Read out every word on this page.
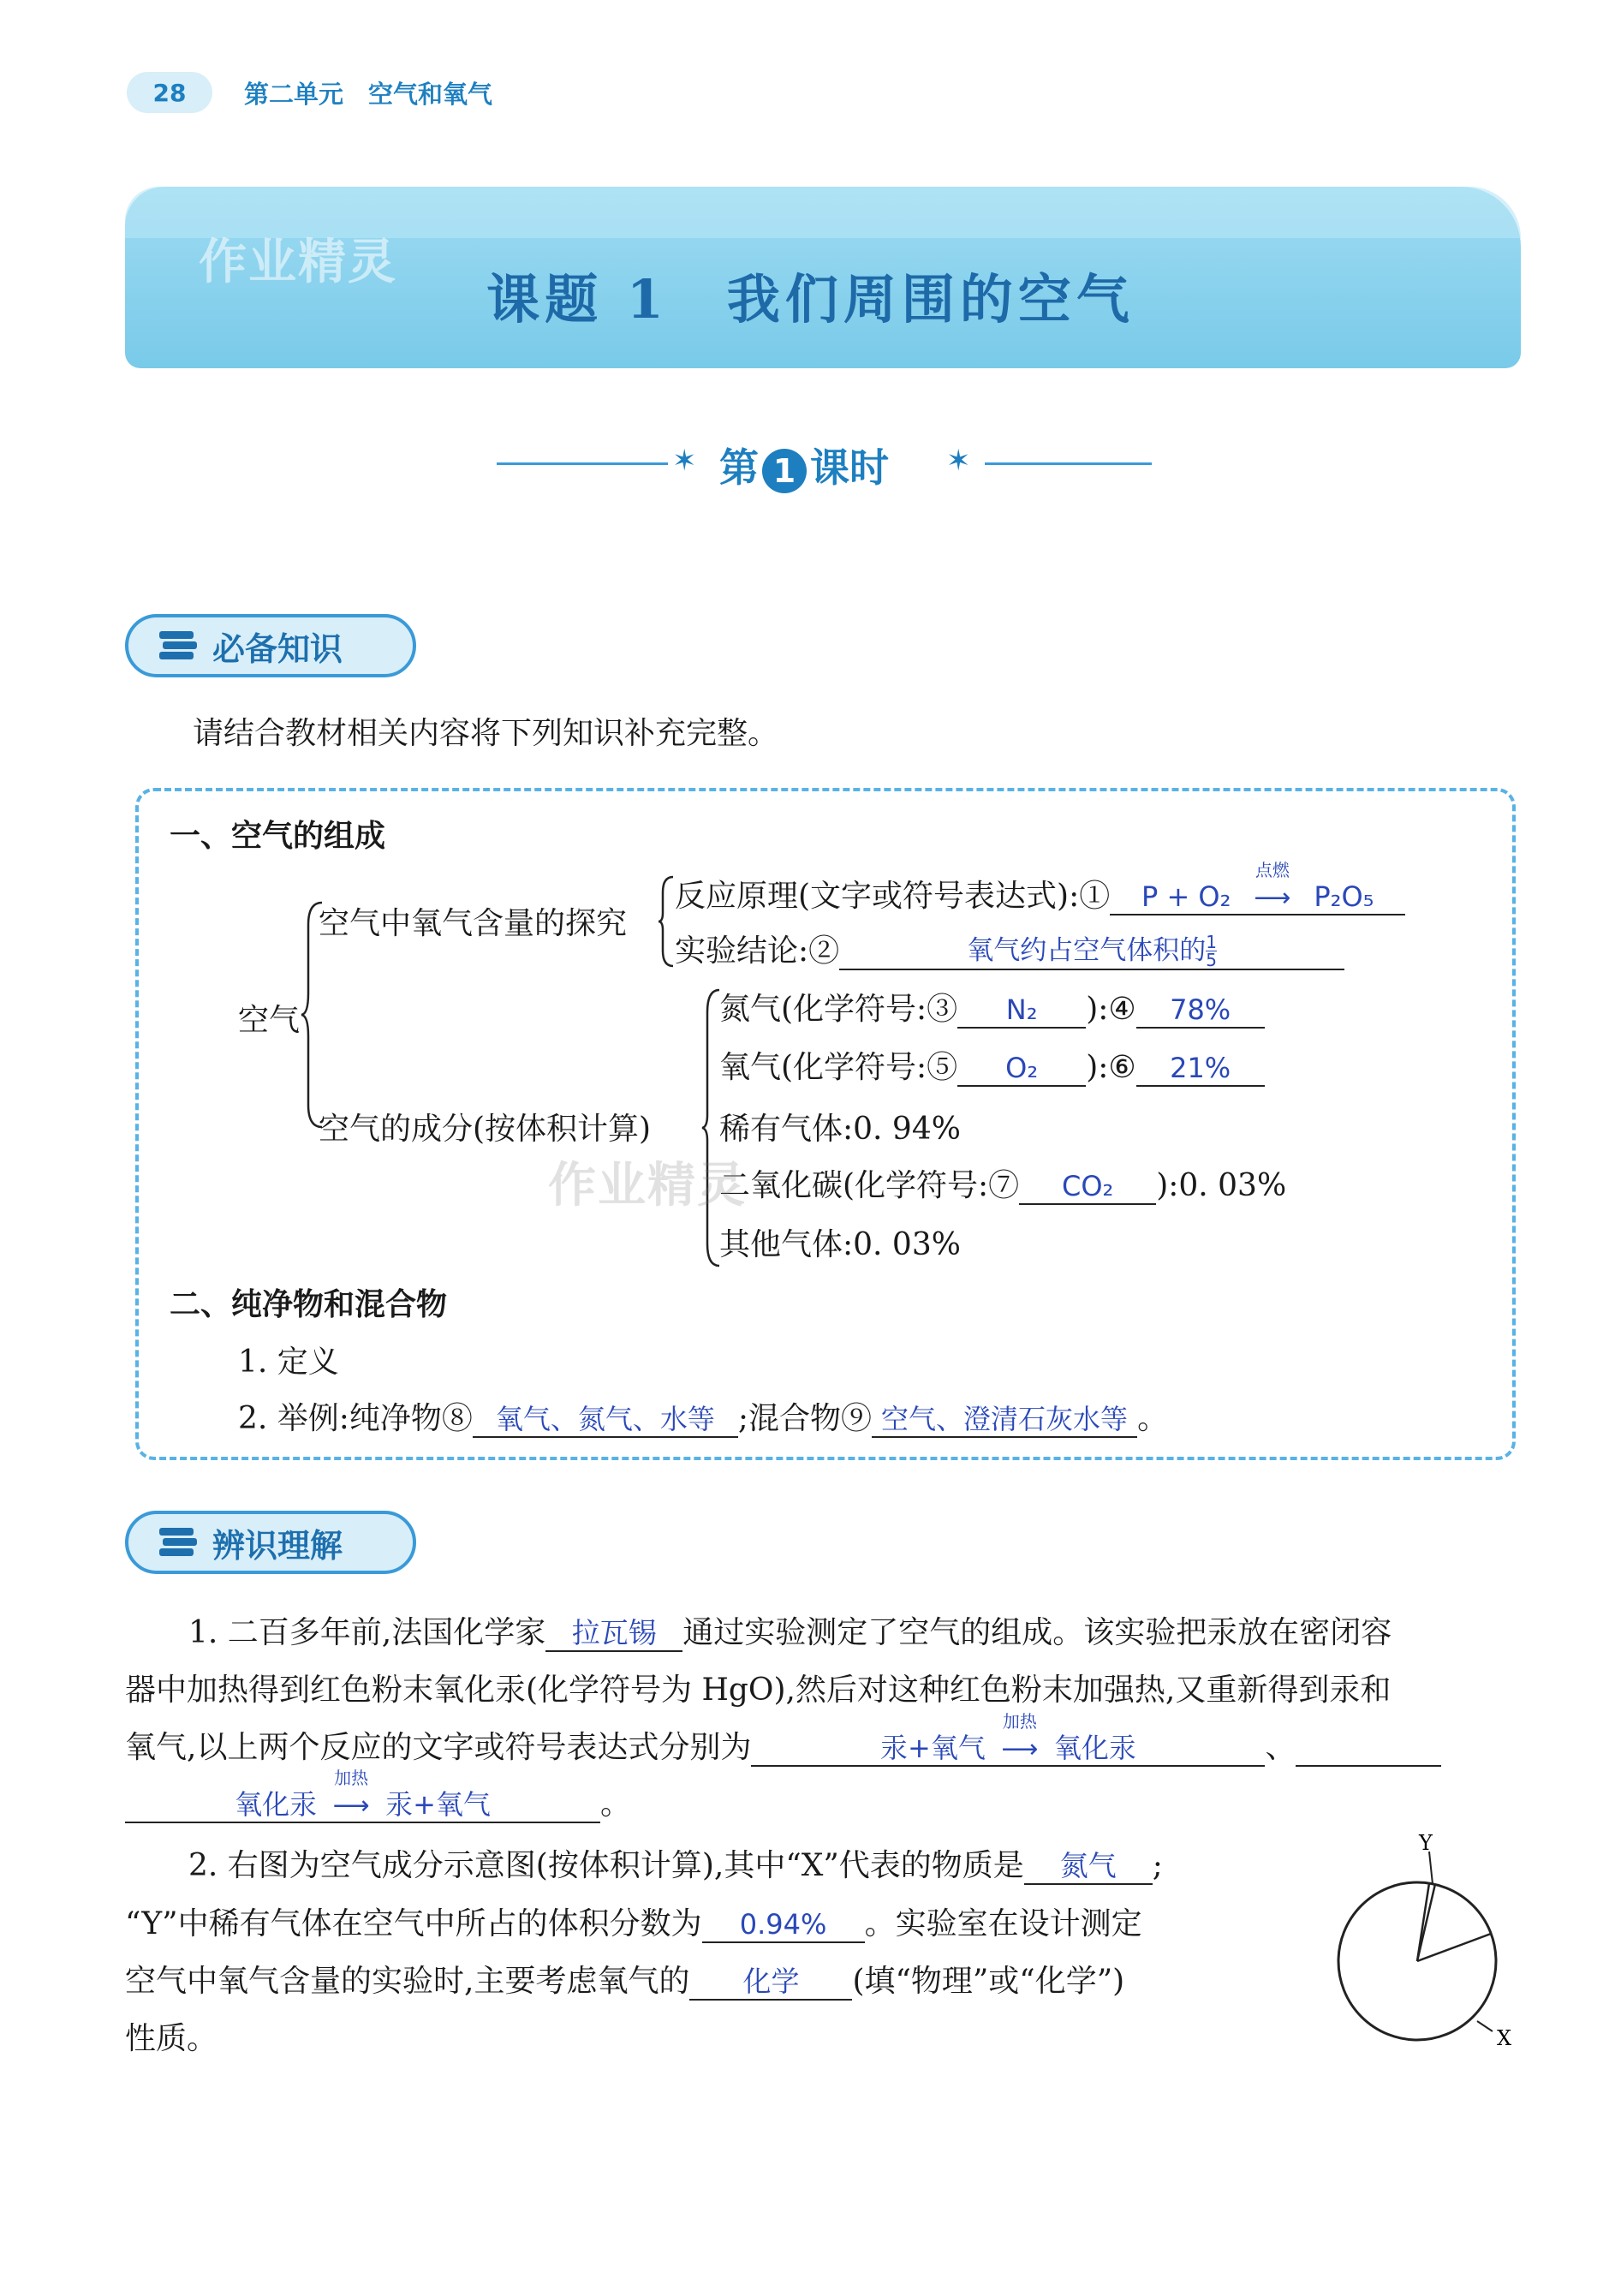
28	第二单元　空气和氧气
作业精灵
课题 1　我们周围的空气
✶ 第 1 课时 ✶
必备知识
请结合教材相关内容将下列知识补充完整。
一、空气的组成
空气
空气中氧气含量的探究
反应原理(文字或符号表达式):① P + O₂
点燃
⟶ P₂O₅
实验结论:②	氧气约占空气体积的 $\frac{1}{5}$
空气的成分(按体积计算)
氮气(化学符号:③ N₂ ):④ 78%
氧气(化学符号:⑤ O₂ ):⑥ 21%
稀有气体:0. 94%
二氧化碳(化学符号:⑦ CO₂ ):0. 03%
作业精灵
其他气体:0. 03%
二、纯净物和混合物
1. 定义
2. 举例:纯净物⑧ 氧气、氮气、水等 ;混合物⑨ 空气、澄清石灰水等 。
辨识理解
1. 二百多年前,法国化学家 拉瓦锡 通过实验测定了空气的组成。该实验把汞放在密闭容
器中加热得到红色粉末氧化汞(化学符号为 HgO),然后对这种红色粉末加强热,又重新得到汞和
氧气,以上两个反应的文字或符号表达式分别为	汞+氧气
加热
⟶ 氧化汞	、
氧化汞
加热
⟶ 汞+氧气	。
2. 右图为空气成分示意图(按体积计算),其中“X”代表的物质是 氮气 ;
“Y”中稀有气体在空气中所占的体积分数为 0.94% 。实验室在设计测定
空气中氧气含量的实验时,主要考虑氧气的 化学 (填“物理”或“化学”)
性质。
Y
X
